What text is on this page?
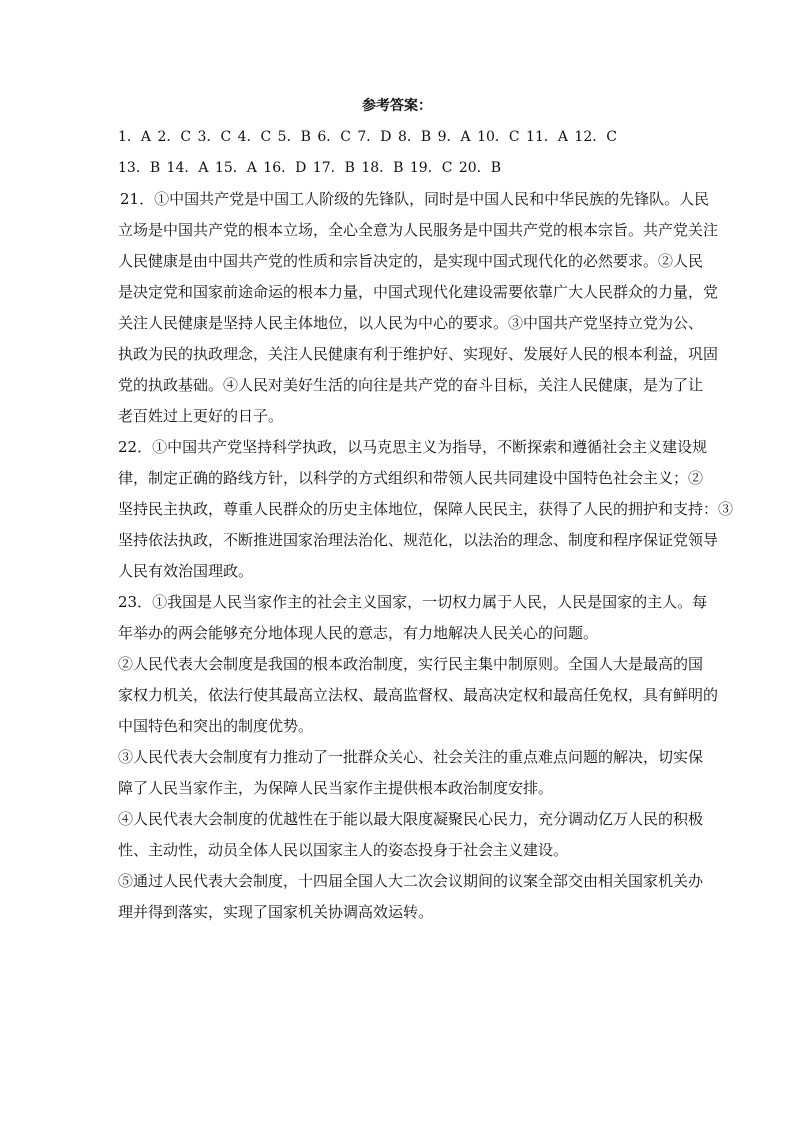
参考答案：
1．A 2．C 3．C 4．C 5．B 6．C 7．D 8．B 9．A 10．C 11．A 12．C
13．B 14．A 15．A 16．D 17．B 18．B 19．C 20．B
21．①中国共产党是中国工人阶级的先锋队，同时是中国人民和中华民族的先锋队。人民
立场是中国共产党的根本立场，全心全意为人民服务是中国共产党的根本宗旨。共产党关注
人民健康是由中国共产党的性质和宗旨决定的，是实现中国式现代化的必然要求。②人民
是决定党和国家前途命运的根本力量，中国式现代化建设需要依靠广大人民群众的力量，党
关注人民健康是坚持人民主体地位，以人民为中心的要求。③中国共产党坚持立党为公、
执政为民的执政理念，关注人民健康有利于维护好、实现好、发展好人民的根本利益，巩固
党的执政基础。④人民对美好生活的向往是共产党的奋斗目标，关注人民健康，是为了让
老百姓过上更好的日子。
22．①中国共产党坚持科学执政，以马克思主义为指导，不断探索和遵循社会主义建设规
律，制定正确的路线方针，以科学的方式组织和带领人民共同建设中国特色社会主义；②
坚持民主执政，尊重人民群众的历史主体地位，保障人民民主，获得了人民的拥护和支持：③
坚持依法执政，不断推进国家治理法治化、规范化，以法治的理念、制度和程序保证党领导
人民有效治国理政。
23．①我国是人民当家作主的社会主义国家，一切权力属于人民，人民是国家的主人。每
年举办的两会能够充分地体现人民的意志，有力地解决人民关心的问题。
②人民代表大会制度是我国的根本政治制度，实行民主集中制原则。全国人大是最高的国
家权力机关，依法行使其最高立法权、最高监督权、最高决定权和最高任免权，具有鲜明的
中国特色和突出的制度优势。
③人民代表大会制度有力推动了一批群众关心、社会关注的重点难点问题的解决，切实保
障了人民当家作主，为保障人民当家作主提供根本政治制度安排。
④人民代表大会制度的优越性在于能以最大限度凝聚民心民力，充分调动亿万人民的积极
性、主动性，动员全体人民以国家主人的姿态投身于社会主义建设。
⑤通过人民代表大会制度，十四届全国人大二次会议期间的议案全部交由相关国家机关办
理并得到落实，实现了国家机关协调高效运转。
